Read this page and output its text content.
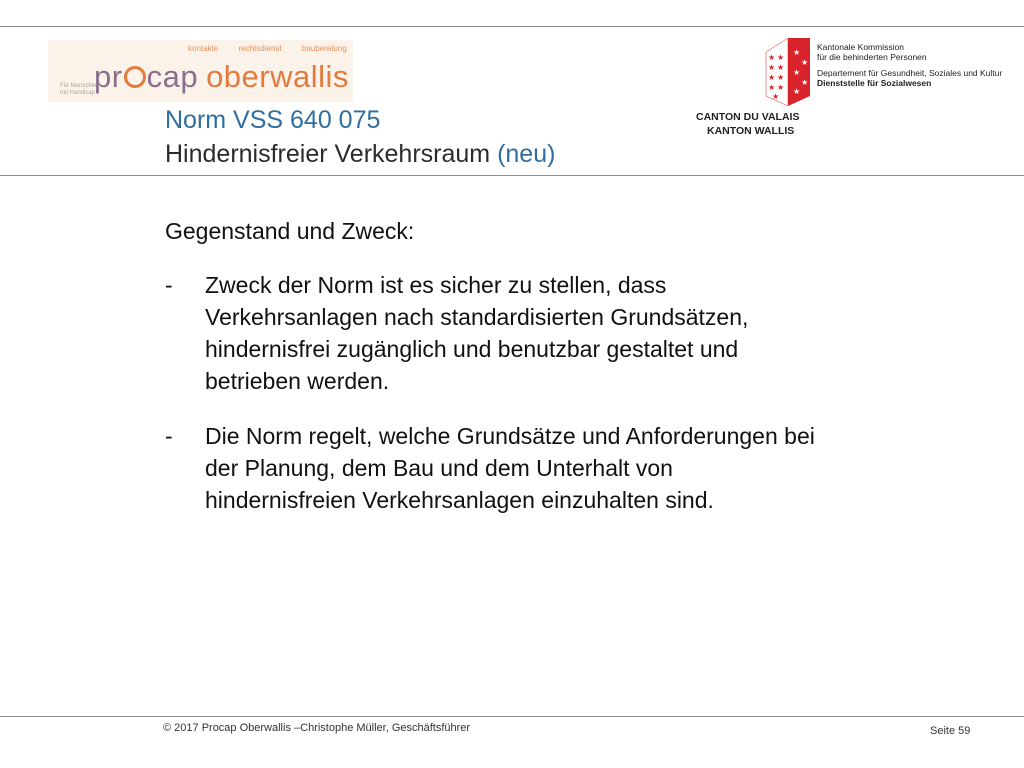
kontakte	rechtsdienst	bauberatung
Für Menschen mit Handicap
pr cap oberwallis
Norm VSS 640 075
Hindernisfreier Verkehrsraum (neu)
★ ★
★ ★
★ ★
★ ★
★
★
★
★
★
★
CANTON DU VALAIS
KANTON WALLIS
Kantonale Kommission
für die behinderten Personen
Departement für Gesundheit, Soziales und Kultur
Dienststelle für Sozialwesen
Gegenstand und Zweck:
- Zweck der Norm ist es sicher zu stellen, dass
Verkehrsanlagen nach standardisierten Grundsätzen,
hindernisfrei zugänglich und benutzbar gestaltet und
betrieben werden.
- Die Norm regelt, welche Grundsätze und Anforderungen bei
der Planung, dem Bau und dem Unterhalt von
hindernisfreien Verkehrsanlagen einzuhalten sind.
© 2017 Procap Oberwallis –Christophe Müller, Geschäftsführer	Seite 59
